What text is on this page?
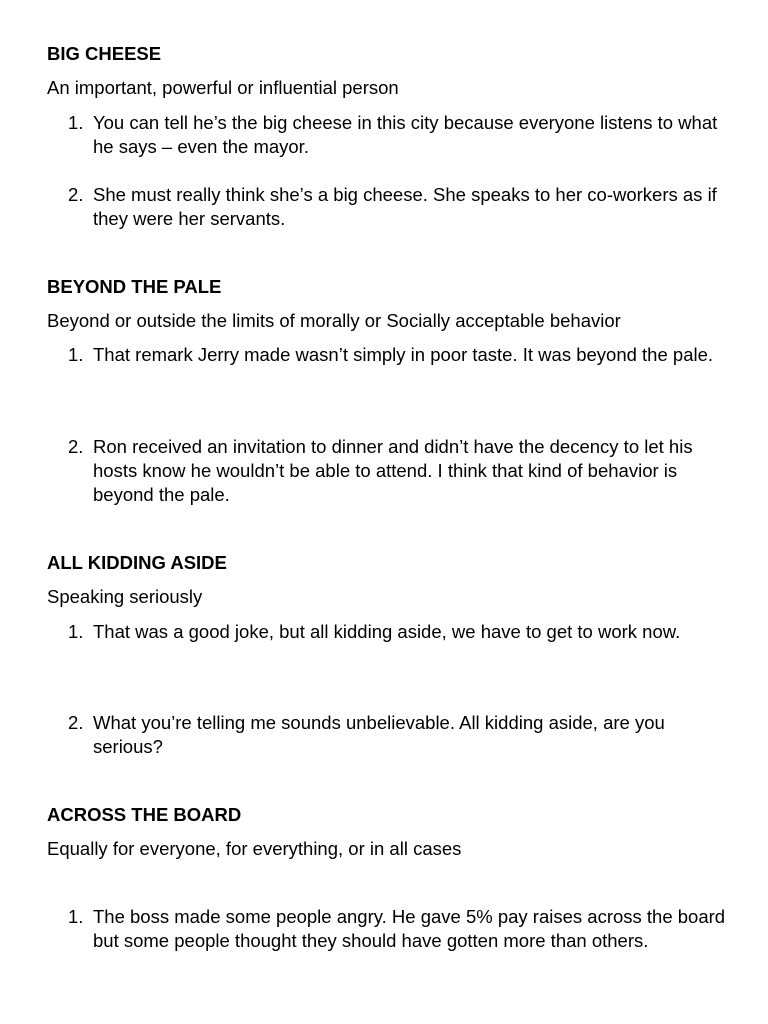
BIG CHEESE

An important, powerful or influential person

1. You can tell he’s the big cheese in this city because everyone listens to what he says – even the mayor.
2. She must really think she’s a big cheese. She speaks to her co-workers as if they were her servants.
BEYOND THE PALE

Beyond or outside the limits of morally or Socially acceptable behavior

1. That remark Jerry made wasn’t simply in poor taste. It was beyond the pale.
2. Ron received an invitation to dinner and didn’t have the decency to let his hosts know he wouldn’t be able to attend. I think that kind of behavior is beyond the pale.
ALL KIDDING ASIDE

Speaking seriously

1. That was a good joke, but all kidding aside, we have to get to work now.
2. What you’re telling me sounds unbelievable. All kidding aside, are you serious?
ACROSS THE BOARD

Equally for everyone, for everything, or in all cases

1. The boss made some people angry. He gave 5% pay raises across the board but some people thought they should have gotten more than others.
